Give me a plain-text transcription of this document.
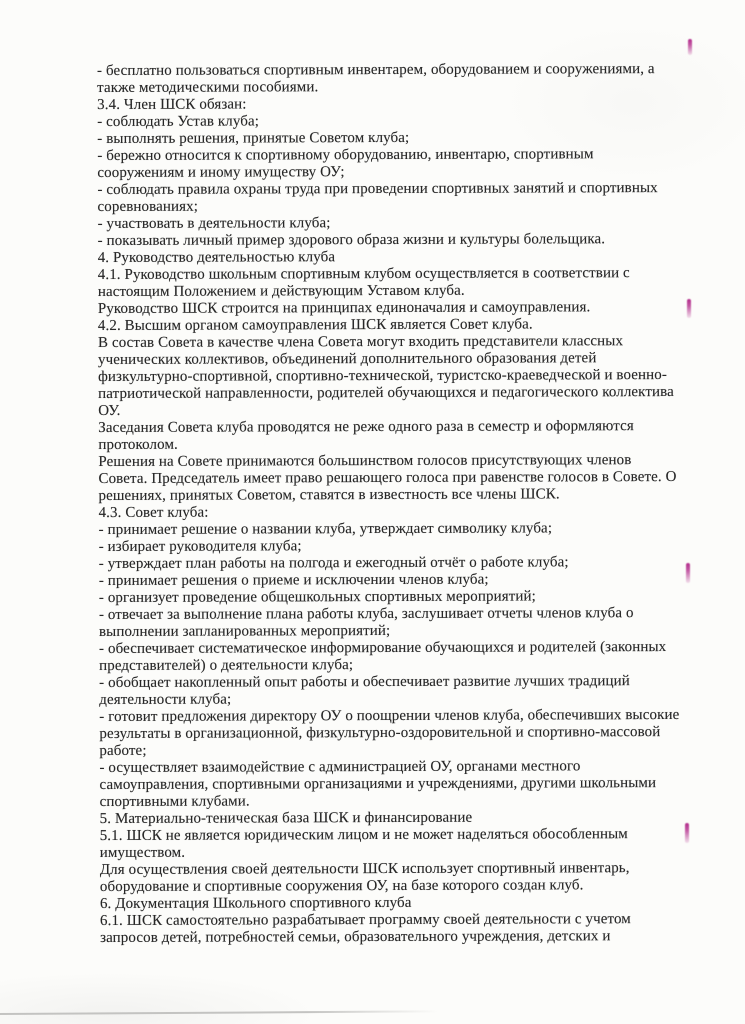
- бесплатно пользоваться спортивным инвентарем, оборудованием и сооружениями, а
также методическими пособиями.
3.4. Член ШСК обязан:
- соблюдать Устав клуба;
- выполнять решения, принятые Советом клуба;
- бережно относится к спортивному оборудованию, инвентарю, спортивным
сооружениям и иному имуществу ОУ;
- соблюдать правила охраны труда при проведении спортивных занятий и спортивных
соревнованиях;
- участвовать в деятельности клуба;
- показывать личный пример здорового образа жизни и культуры болельщика.
4. Руководство деятельностью клуба
4.1. Руководство школьным спортивным клубом осуществляется в соответствии с
настоящим Положением и действующим Уставом клуба.
Руководство ШСК строится на принципах единоначалия и самоуправления.
4.2. Высшим органом самоуправления ШСК является Совет клуба.
В состав Совета в качестве члена Совета могут входить представители классных
ученических коллективов, объединений дополнительного образования детей
физкультурно-спортивной, спортивно-технической, туристско-краеведческой и военно-
патриотической направленности, родителей обучающихся и педагогического коллектива
ОУ.
Заседания Совета клуба проводятся не реже одного раза в семестр и оформляются
протоколом.
Решения на Совете принимаются большинством голосов присутствующих членов
Совета. Председатель имеет право решающего голоса при равенстве голосов в Совете. О
решениях, принятых Советом, ставятся в известность все члены ШСК.
4.3. Совет клуба:
- принимает решение о названии клуба, утверждает символику клуба;
- избирает руководителя клуба;
- утверждает план работы на полгода и ежегодный отчёт о работе клуба;
- принимает решения о приеме и исключении членов клуба;
- организует проведение общешкольных спортивных мероприятий;
- отвечает за выполнение плана работы клуба, заслушивает отчеты членов клуба о
выполнении запланированных мероприятий;
- обеспечивает систематическое информирование обучающихся и родителей (законных
представителей) о деятельности клуба;
- обобщает накопленный опыт работы и обеспечивает развитие лучших традиций
деятельности клуба;
- готовит предложения директору ОУ о поощрении членов клуба, обеспечивших высокие
результаты в организационной, физкультурно-оздоровительной и спортивно-массовой
работе;
- осуществляет взаимодействие с администрацией ОУ, органами местного
самоуправления, спортивными организациями и учреждениями, другими школьными
спортивными клубами.
5. Материально-теническая база ШСК и финансирование
5.1. ШСК не является юридическим лицом и не может наделяться обособленным
имуществом.
Для осуществления своей деятельности ШСК использует спортивный инвентарь,
оборудование и спортивные сооружения ОУ, на базе которого создан клуб.
6. Документация Школьного спортивного клуба
6.1. ШСК самостоятельно разрабатывает программу своей деятельности с учетом
запросов детей, потребностей семьи, образовательного учреждения, детских и
